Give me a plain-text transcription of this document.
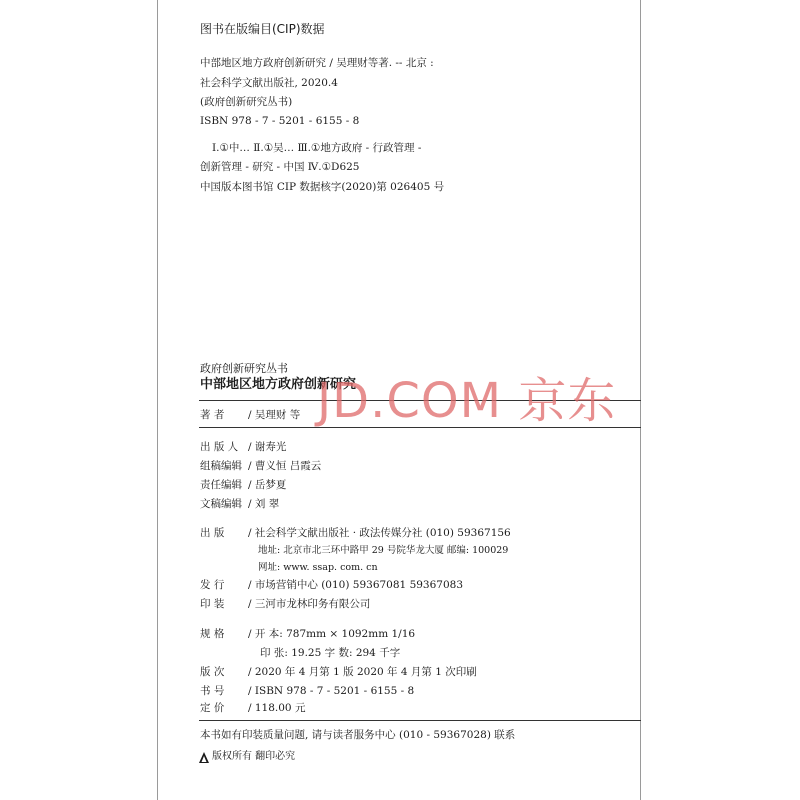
图书在版编目(CIP)数据
中部地区地方政府创新研究 / 吴理财等著. -- 北京 :
社会科学文献出版社, 2020.4
(政府创新研究丛书)
ISBN 978 - 7 - 5201 - 6155 - 8
Ⅰ.①中… Ⅱ.①吴… Ⅲ.①地方政府 - 行政管理 -
创新管理 - 研究 - 中国 Ⅳ.①D625
中国版本图书馆 CIP 数据核字(2020)第 026405 号
政府创新研究丛书
中部地区地方政府创新研究
著 者 / 吴理财 等
出 版 人 / 谢寿光
组稿编辑 / 曹义恒 吕霞云
责任编辑 / 岳梦夏
文稿编辑 / 刘 翠
出 版 / 社会科学文献出版社 · 政法传媒分社 (010) 59367156
地址: 北京市北三环中路甲 29 号院华龙大厦 邮编: 100029
网址: www. ssap. com. cn
发 行 / 市场营销中心 (010) 59367081 59367083
印 装 / 三河市龙林印务有限公司
规 格 / 开 本: 787mm × 1092mm 1/16
印 张: 19.25 字 数: 294 千字
版 次 / 2020 年 4 月第 1 版 2020 年 4 月第 1 次印刷
书 号 / ISBN 978 - 7 - 5201 - 6155 - 8
定 价 / 118.00 元
本书如有印装质量问题, 请与读者服务中心 (010 - 59367028) 联系
版权所有 翻印必究
JD.COM 京东
